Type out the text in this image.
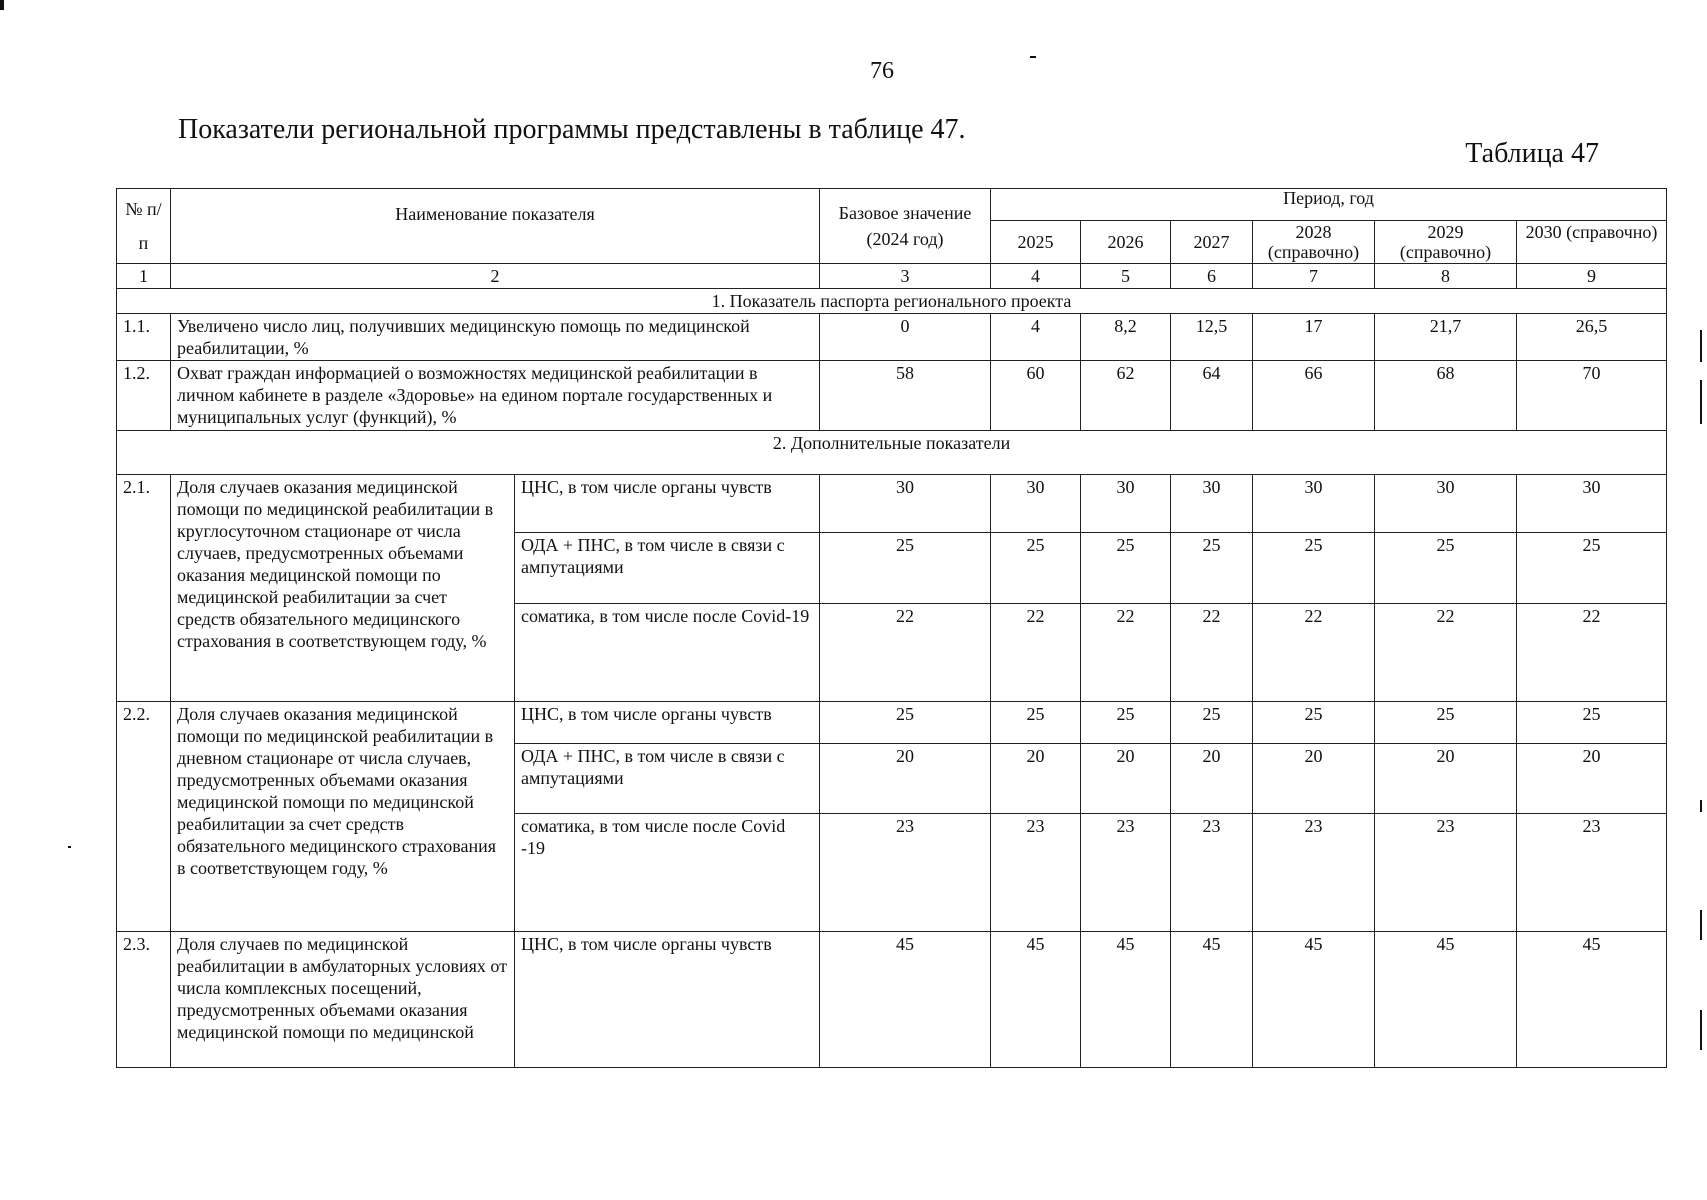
76
Показатели региональной программы представлены в таблице 47.
Таблица 47
№ п/п	Наименование показателя		Базовое значение (2024 год)	Период, год					
				2025	2026	2027	2028 (справочно)	2029 (справочно)	2030 (справочно)
1	2		3	4	5	6	7	8	9
1. Показатель паспорта регионального проекта									
1.1.	Увеличено число лиц, получивших медицинскую помощь по медицинской реабилитации, %		0	4	8,2	12,5	17	21,7	26,5
1.2.	Охват граждан информацией о возможностях медицинской реабилитации в личном кабинете в разделе «Здоровье» на едином портале государственных и муниципальных услуг (функций), %		58	60	62	64	66	68	70
2. Дополнительные показатели									
2.1.	Доля случаев оказания медицинской помощи по медицинской реабилитации в круглосуточном стационаре от числа случаев, предусмотренных объемами оказания медицинской помощи по медицинской реабилитации за счет средств обязательного медицинского страхования в соответствующем году, %	ЦНС, в том числе органы чувств	30	30	30	30	30	30	30
		ОДА + ПНС, в том числе в связи с ампутациями	25	25	25	25	25	25	25
		соматика, в том числе после Covid-19	22	22	22	22	22	22	22
2.2.	Доля случаев оказания медицинской помощи по медицинской реабилитации в дневном стационаре от числа случаев, предусмотренных объемами оказания медицинской помощи по медицинской реабилитации за счет средств обязательного медицинского страхования в соответствующем году, %	ЦНС, в том числе органы чувств	25	25	25	25	25	25	25
		ОДА + ПНС, в том числе в связи с ампутациями	20	20	20	20	20	20	20
		соматика, в том числе после Covid -19	23	23	23	23	23	23	23
2.3.	Доля случаев по медицинской реабилитации в амбулаторных условиях от числа комплексных посещений, предусмотренных объемами оказания медицинской помощи по медицинской	ЦНС, в том числе органы чувств	45	45	45	45	45	45	45
